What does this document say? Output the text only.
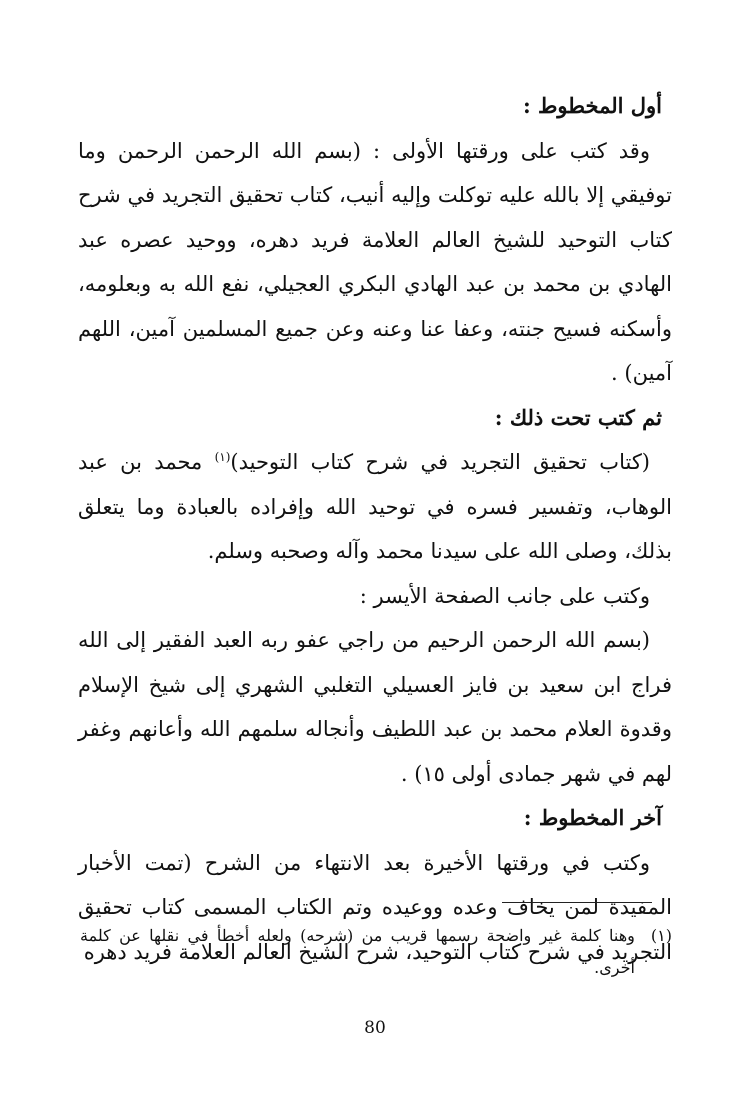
أول المخطوط :

وقد كتب على ورقتها الأولى : (بسم الله الرحمن الرحمن وما توفيقي إلا بالله عليه توكلت وإليه أنيب، كتاب تحقيق التجريد في شرح كتاب التوحيد للشيخ العالم العلامة فريد دهره، ووحيد عصره عبد الهادي بن محمد بن عبد الهادي البكري العجيلي، نفع الله به وبعلومه، وأسكنه فسيح جنته، وعفا عنا وعنه وعن جميع المسلمين آمين، اللهم آمين) .

ثم كتب تحت ذلك :

(كتاب تحقيق التجريد في شرح كتاب التوحيد)$^{(١)}$ محمد بن عبد الوهاب، وتفسير فسره في توحيد الله وإفراده بالعبادة وما يتعلق بذلك، وصلى الله على سيدنا محمد وآله وصحبه وسلم.

وكتب على جانب الصفحة الأيسر :

(بسم الله الرحمن الرحيم من راجي عفو ربه العبد الفقير إلى الله فراج ابن سعيد بن فايز العسيلي التغلبي الشهري إلى شيخ الإسلام وقدوة العلام محمد بن عبد اللطيف وأنجاله سلمهم الله وأعانهم وغفر لهم في شهر جمادى أولى ١٥) .

آخر المخطوط :

وكتب في ورقتها الأخيرة بعد الانتهاء من الشرح (تمت الأخبار المفيدة لمن يخاف وعده ووعيده وتم الكتاب المسمى كتاب تحقيق التجريد في شرح كتاب التوحيد، شرح الشيخ العالم العلامة فريد دهره

(١)
وهنا كلمة غير واضحة رسمها قريب من (شرحه) ولعله أخطأ في نقلها عن كلمة أخرى.
80
